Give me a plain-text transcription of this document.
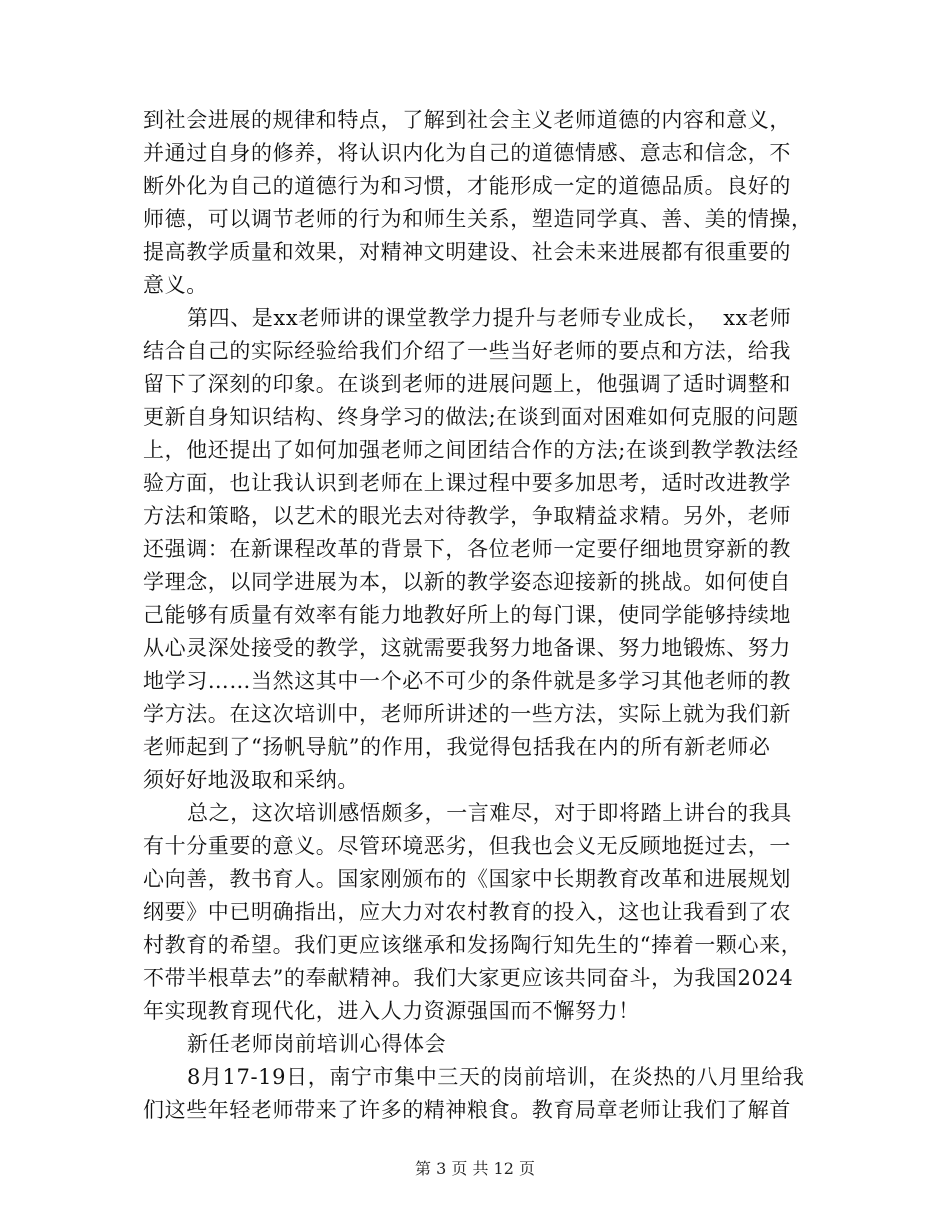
到社会进展的规律和特点，了解到社会主义老师道德的内容和意义，
并通过自身的修养，将认识内化为自己的道德情感、意志和信念，不
断外化为自己的道德行为和习惯，才能形成一定的道德品质。良好的
师德，可以调节老师的行为和师生关系，塑造同学真、善、美的情操，
提高教学质量和效果，对精神文明建设、社会未来进展都有很重要的
意义。
第四、是xx老师讲的课堂教学力提升与老师专业成长，  xx老师
结合自己的实际经验给我们介绍了一些当好老师的要点和方法，给我
留下了深刻的印象。在谈到老师的进展问题上，他强调了适时调整和
更新自身知识结构、终身学习的做法;在谈到面对困难如何克服的问题
上，他还提出了如何加强老师之间团结合作的方法;在谈到教学教法经
验方面，也让我认识到老师在上课过程中要多加思考，适时改进教学
方法和策略，以艺术的眼光去对待教学，争取精益求精。另外，老师
还强调：在新课程改革的背景下，各位老师一定要仔细地贯穿新的教
学理念，以同学进展为本，以新的教学姿态迎接新的挑战。如何使自
己能够有质量有效率有能力地教好所上的每门课，使同学能够持续地
从心灵深处接受的教学，这就需要我努力地备课、努力地锻炼、努力
地学习……当然这其中一个必不可少的条件就是多学习其他老师的教
学方法。在这次培训中，老师所讲述的一些方法，实际上就为我们新
老师起到了“扬帆导航”的作用，我觉得包括我在内的所有新老师必
须好好地汲取和采纳。
总之，这次培训感悟颇多，一言难尽，对于即将踏上讲台的我具
有十分重要的意义。尽管环境恶劣，但我也会义无反顾地挺过去，一
心向善，教书育人。国家刚颁布的《国家中长期教育改革和进展规划
纲要》中已明确指出，应大力对农村教育的投入，这也让我看到了农
村教育的希望。我们更应该继承和发扬陶行知先生的“捧着一颗心来，
不带半根草去”的奉献精神。我们大家更应该共同奋斗，为我国2024
年实现教育现代化，进入人力资源强国而不懈努力！
新任老师岗前培训心得体会
8月17-19日，南宁市集中三天的岗前培训，在炎热的八月里给我
们这些年轻老师带来了许多的精神粮食。教育局章老师让我们了解首
第 3 页 共 12 页
